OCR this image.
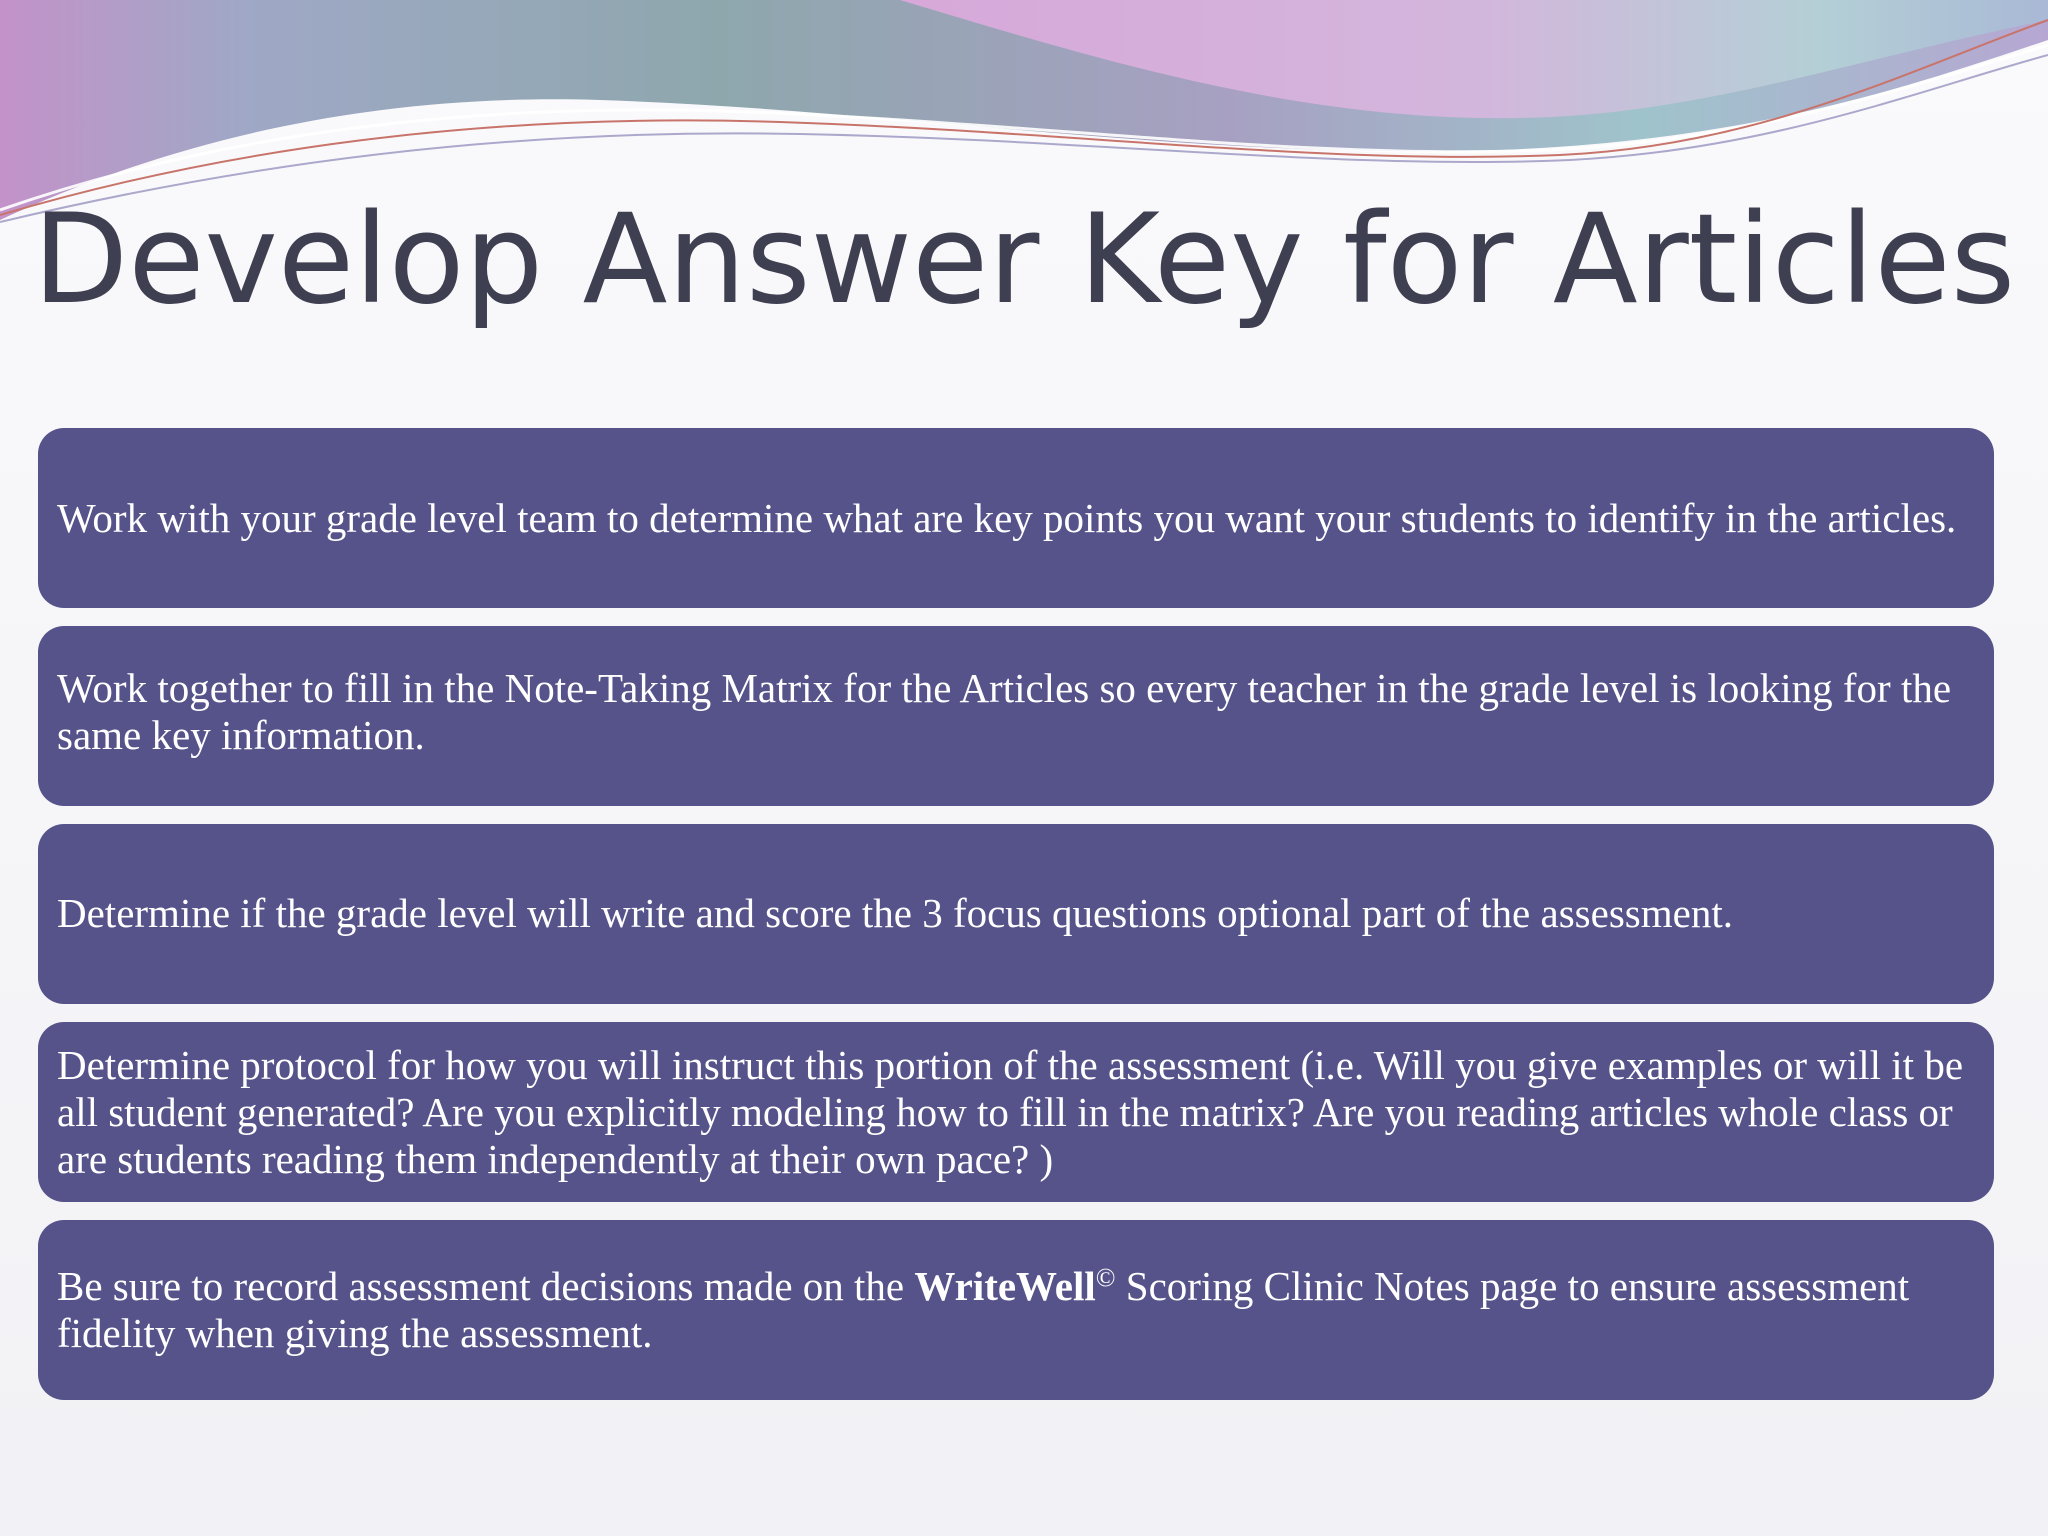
Develop Answer Key for Articles

Work with your grade level team to determine what are key points you want your students to identify in the articles.

Work together to fill in the Note-Taking Matrix for the Articles so every teacher in the grade level is looking for the same key information.

Determine if the grade level will write and score the 3 focus questions optional part of the assessment.

Determine protocol for how you will instruct this portion of the assessment (i.e. Will you give examples or will it be all student generated? Are you explicitly modeling how to fill in the matrix? Are you reading articles whole class or are students reading them independently at their own pace? )

Be sure to record assessment decisions made on the WriteWell© Scoring Clinic Notes page to ensure assessment fidelity when giving the assessment.
